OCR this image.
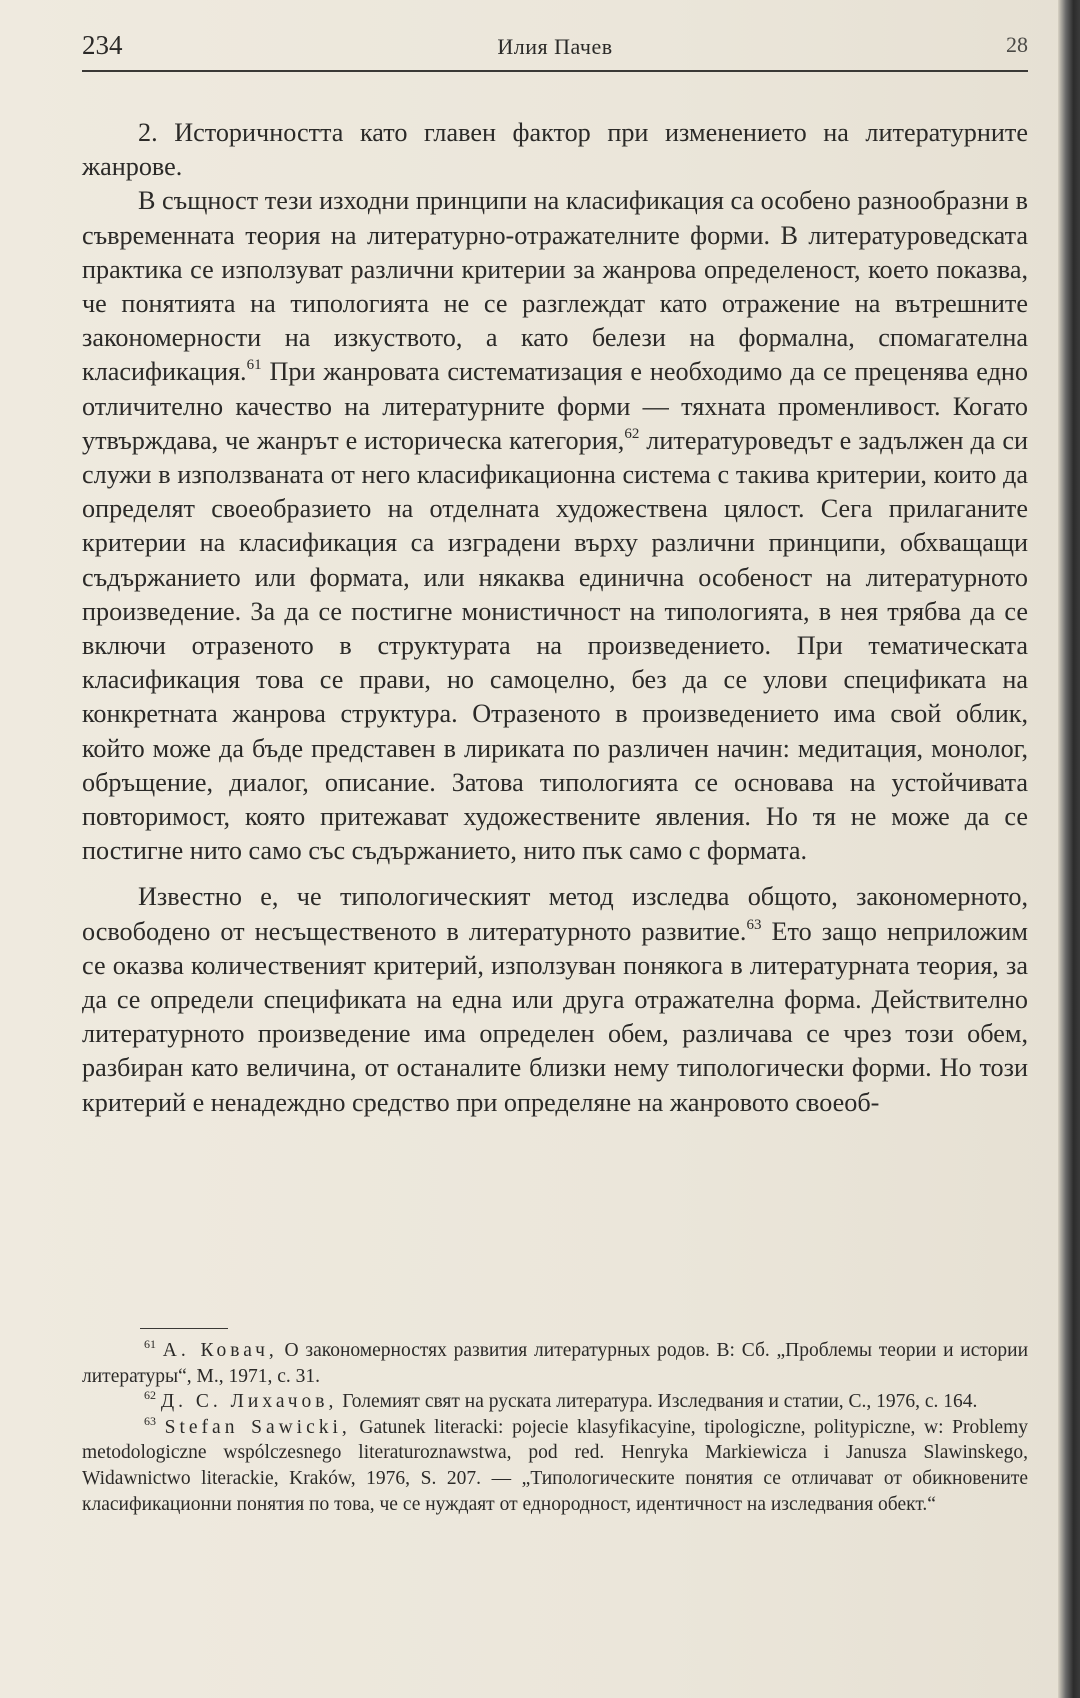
234	Илия Пачев	28

2. Историчността като главен фактор при изменението на литературните жанрове.

В същност тези изходни принципи на класификация са особено разнообразни в съвременната теория на литературно-отражателните форми. В литературоведската практика се използуват различни критерии за жанрова определеност, което показва, че понятията на типологията не се разглеждат като отражение на вътрешните закономерности на изкуството, а като белези на формална, спомагателна класификация.$^{61}$ При жанровата систематизация е необходимо да се преценява едно отличително качество на литературните форми — тяхната променливост. Когато утвърждава, че жанрът е историческа категория,$^{62}$ литературоведът е задължен да си служи в използваната от него класификационна система с такива критерии, които да определят своеобразието на отделната художествена цялост. Сега прилаганите критерии на класификация са изградени върху различни принципи, обхващащи съдържанието или формата, или някаква единична особеност на литературното произведение. За да се постигне монистичност на типологията, в нея трябва да се включи отразеното в структурата на произведението. При тематическата класификация това се прави, но самоцелно, без да се улови спецификата на конкретната жанрова структура. Отразеното в произведението има свой облик, който може да бъде представен в лириката по различен начин: медитация, монолог, обръщение, диалог, описание. Затова типологията се основава на устойчивата повторимост, която притежават художествените явления. Но тя не може да се постигне нито само със съдържанието, нито пък само с формата.

Известно е, че типологическият метод изследва общото, закономерното, освободено от несъщественото в литературното развитие.$^{63}$ Ето защо неприложим се оказва количественият критерий, използуван понякога в литературната теория, за да се определи спецификата на една или друга отражателна форма. Действително литературното произведение има определен обем, различава се чрез този обем, разбиран като величина, от останалите близки нему типологически форми. Но този критерий е ненадеждно средство при определяне на жанровото своеоб-

$^{61}$ А. Ковач, О закономерностях развития литературных родов. В: Сб. „Проблемы теории и истории литературы“, М., 1971, с. 31.

$^{62}$ Д. С. Лихачов, Големият свят на руската литература. Изследвания и статии, С., 1976, с. 164.

$^{63}$ Stefan Sawicki, Gatunek literacki: pojecie klasyfikacyine, tipologiczne, politypiczne, w: Problemy metodologiczne wspólczesnego literaturoznawstwa, pod red. Henryka Markiewicza i Janusza Slawinskego, Widawnictwo literackie, Kraków, 1976, S. 207. — „Типологическите понятия се отличават от обикновените класификационни понятия по това, че се нуждаят от еднородност, идентичност на изследвания обект.“
